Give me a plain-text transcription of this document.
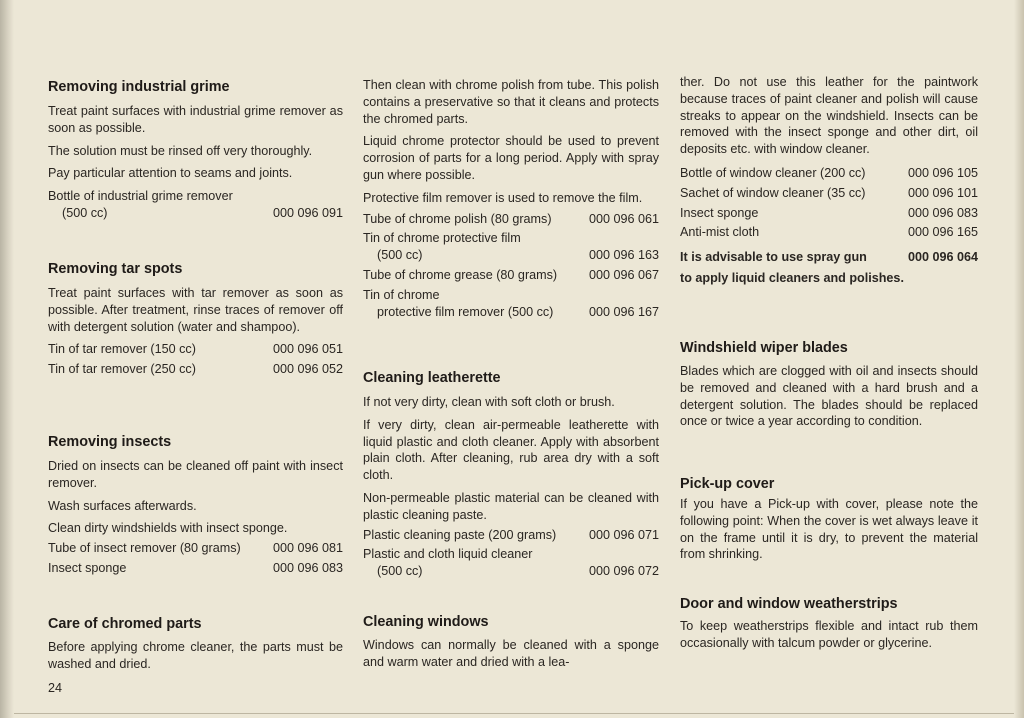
Removing industrial grime

Treat paint surfaces with industrial grime remover as soon as possible.

The solution must be rinsed off very thoroughly.

Pay particular attention to seams and joints.

Bottle of industrial grime remover
(500 cc)	000 096 091
Removing tar spots

Treat paint surfaces with tar remover as soon as possible. After treatment, rinse traces of remover off with detergent solution (water and shampoo).

Tin of tar remover (150 cc)	000 096 051
Tin of tar remover (250 cc)	000 096 052
Removing insects

Dried on insects can be cleaned off paint with insect remover.

Wash surfaces afterwards.

Clean dirty windshields with insect sponge.

Tube of insect remover (80 grams)	000 096 081
Insect sponge	000 096 083
Care of chromed parts

Before applying chrome cleaner, the parts must be washed and dried.

Then clean with chrome polish from tube. This polish contains a preservative so that it cleans and protects the chromed parts.

Liquid chrome protector should be used to prevent corrosion of parts for a long period. Apply with spray gun where possible.

Protective film remover is used to remove the film.

Tube of chrome polish (80 grams)	000 096 061
Tin of chrome protective film
(500 cc)	000 096 163
Tube of chrome grease (80 grams)	000 096 067
Tin of chrome
protective film remover (500 cc)	000 096 167
Cleaning leatherette

If not very dirty, clean with soft cloth or brush.

If very dirty, clean air-permeable leatherette with liquid plastic and cloth cleaner. Apply with absorbent plain cloth. After cleaning, rub area dry with a soft cloth.

Non-permeable plastic material can be cleaned with plastic cleaning paste.

Plastic cleaning paste (200 grams)	000 096 071
Plastic and cloth liquid cleaner
(500 cc)	000 096 072
Cleaning windows

Windows can normally be cleaned with a sponge and warm water and dried with a lea-

ther. Do not use this leather for the paintwork because traces of paint cleaner and polish will cause streaks to appear on the windshield. Insects can be removed with the insect sponge and other dirt, oil deposits etc. with window cleaner.

Bottle of window cleaner (200 cc)	000 096 105
Sachet of window cleaner (35 cc)	000 096 101
Insect sponge	000 096 083
Anti-mist cloth	000 096 165
It is advisable to use spray gun	000 096 064
to apply liquid cleaners and polishes.
Windshield wiper blades

Blades which are clogged with oil and insects should be removed and cleaned with a hard brush and a detergent solution. The blades should be replaced once or twice a year according to condition.

Pick-up cover

If you have a Pick-up with cover, please note the following point: When the cover is wet always leave it on the frame until it is dry, to prevent the material from shrinking.

Door and window weatherstrips

To keep weatherstrips flexible and intact rub them occasionally with talcum powder or glycerine.

24
